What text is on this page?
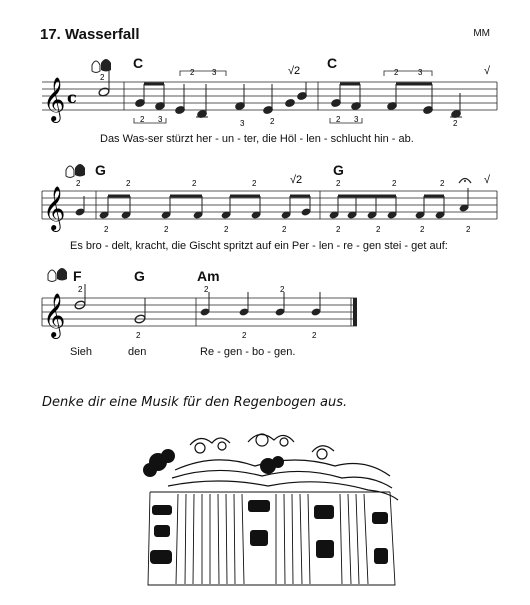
17. Wasserfall	MM
𝄞 c
2
2 3
2 3
2 3
2 3
3	2	2
√2	√
C	C
Das Was-ser stürzt her - un - ter, die Höl - len - schlucht hin - ab.
𝄞
2	2	2	2	2	2	2
2	2	2	2	2	2	2	2
√2	√
G	G
Es bro - delt, kracht, die Gischt spritzt auf ein Per - len - re - gen stei - get auf:
𝄞
2	2	2
2	2	2
F	G	Am
Sieh	den	Re - gen - bo - gen.
Denke dir eine Musik für den Regenbogen aus.
